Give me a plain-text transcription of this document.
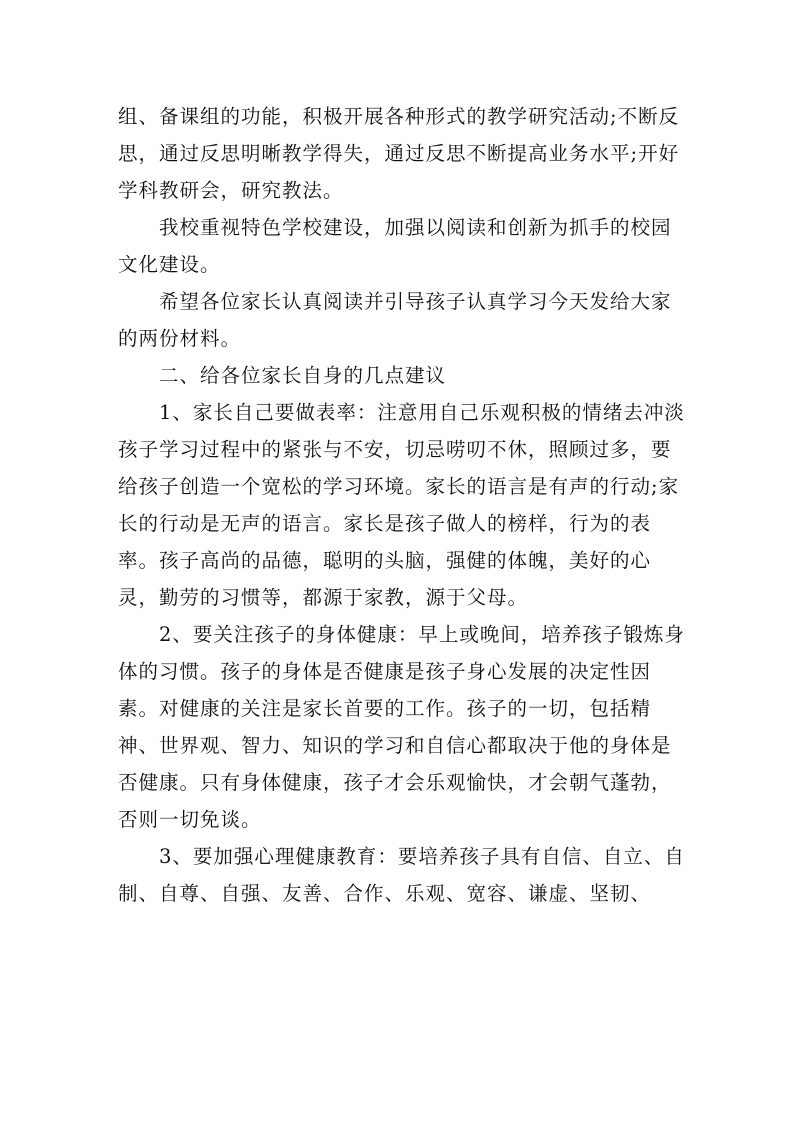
组、备课组的功能，积极开展各种形式的教学研究活动;不断反思，通过反思明晰教学得失，通过反思不断提高业务水平;开好学科教研会，研究教法。

我校重视特色学校建设，加强以阅读和创新为抓手的校园文化建设。

希望各位家长认真阅读并引导孩子认真学习今天发给大家的两份材料。

二、给各位家长自身的几点建议

1、家长自己要做表率：注意用自己乐观积极的情绪去冲淡孩子学习过程中的紧张与不安，切忌唠叨不休，照顾过多，要给孩子创造一个宽松的学习环境。家长的语言是有声的行动;家长的行动是无声的语言。家长是孩子做人的榜样，行为的表率。孩子高尚的品德，聪明的头脑，强健的体魄，美好的心灵，勤劳的习惯等，都源于家教，源于父母。

2、要关注孩子的身体健康：早上或晚间，培养孩子锻炼身体的习惯。孩子的身体是否健康是孩子身心发展的决定性因素。对健康的关注是家长首要的工作。孩子的一切，包括精神、世界观、智力、知识的学习和自信心都取决于他的身体是否健康。只有身体健康，孩子才会乐观愉快，才会朝气蓬勃，否则一切免谈。

3、要加强心理健康教育：要培养孩子具有自信、自立、自制、自尊、自强、友善、合作、乐观、宽容、谦虚、坚韧、
